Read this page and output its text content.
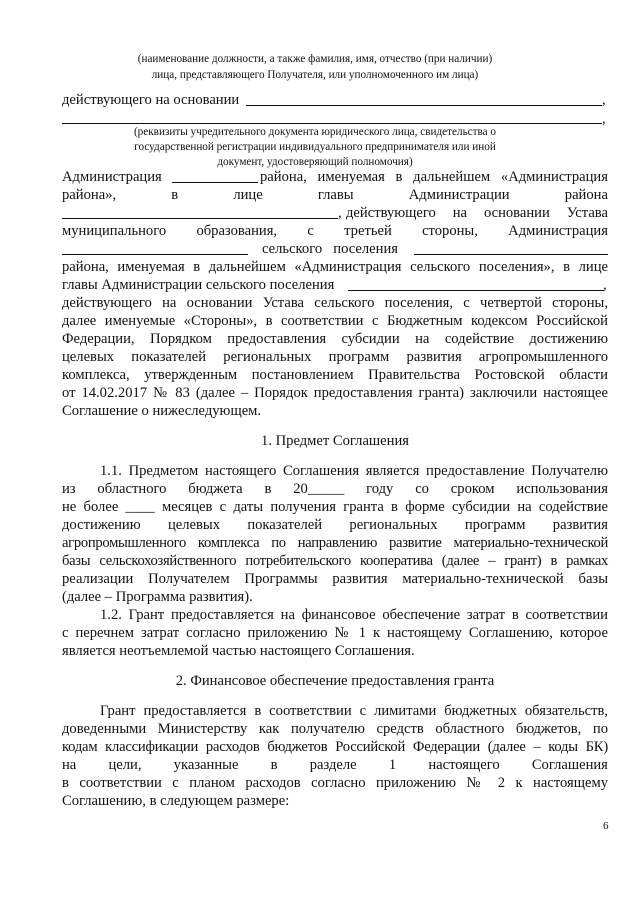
(наименование должности, а также фамилия, имя, отчество (при наличии)
лица, представляющего Получателя, или уполномоченного им лица)
действующего на основании	,
,
(реквизиты учредительного документа юридического лица, свидетельства о
государственной регистрации индивидуального предпринимателя или иной
документ, удостоверяющий полномочия)
Администрация	района, именуемая в дальнейшем «Администрация
района»,	в	лице	главы	Администрации	района
, действующего на основании Устава
муниципального образования, с третьей стороны, Администрация
сельского поселения
района, именуемая в дальнейшем «Администрация сельского поселения», в лице
главы Администрации сельского поселения	,
действующего на основании Устава сельского поселения, с четвертой стороны,
далее именуемые «Стороны», в соответствии с Бюджетным кодексом Российской
Федерации, Порядком предоставления субсидии на содействие достижению
целевых показателей региональных программ развития агропромышленного
комплекса, утвержденным постановлением Правительства Ростовской области
от 14.02.2017 № 83 (далее – Порядок предоставления гранта) заключили настоящее
Соглашение о нижеследующем.
1. Предмет Соглашения
1.1. Предметом настоящего Соглашения является предоставление Получателю
из областного бюджета в 20_____ году со сроком использования
не более ____ месяцев с даты получения гранта в форме субсидии на содействие
достижению целевых показателей региональных программ развития
агропромышленного комплекса по направлению развитие материально-технической
базы сельскохозяйственного потребительского кооператива (далее – грант) в рамках
реализации Получателем Программы развития материально-технической базы
(далее – Программа развития).
1.2. Грант предоставляется на финансовое обеспечение затрат в соответствии
с перечнем затрат согласно приложению № 1 к настоящему Соглашению, которое
является неотъемлемой частью настоящего Соглашения.
2. Финансовое обеспечение предоставления гранта
Грант предоставляется в соответствии с лимитами бюджетных обязательств,
доведенными Министерству как получателю средств областного бюджетов, по
кодам классификации расходов бюджетов Российской Федерации (далее – коды БК)
на цели, указанные в разделе 1 настоящего Соглашения
в соответствии с планом расходов согласно приложению № 2 к настоящему
Соглашению, в следующем размере:
6
